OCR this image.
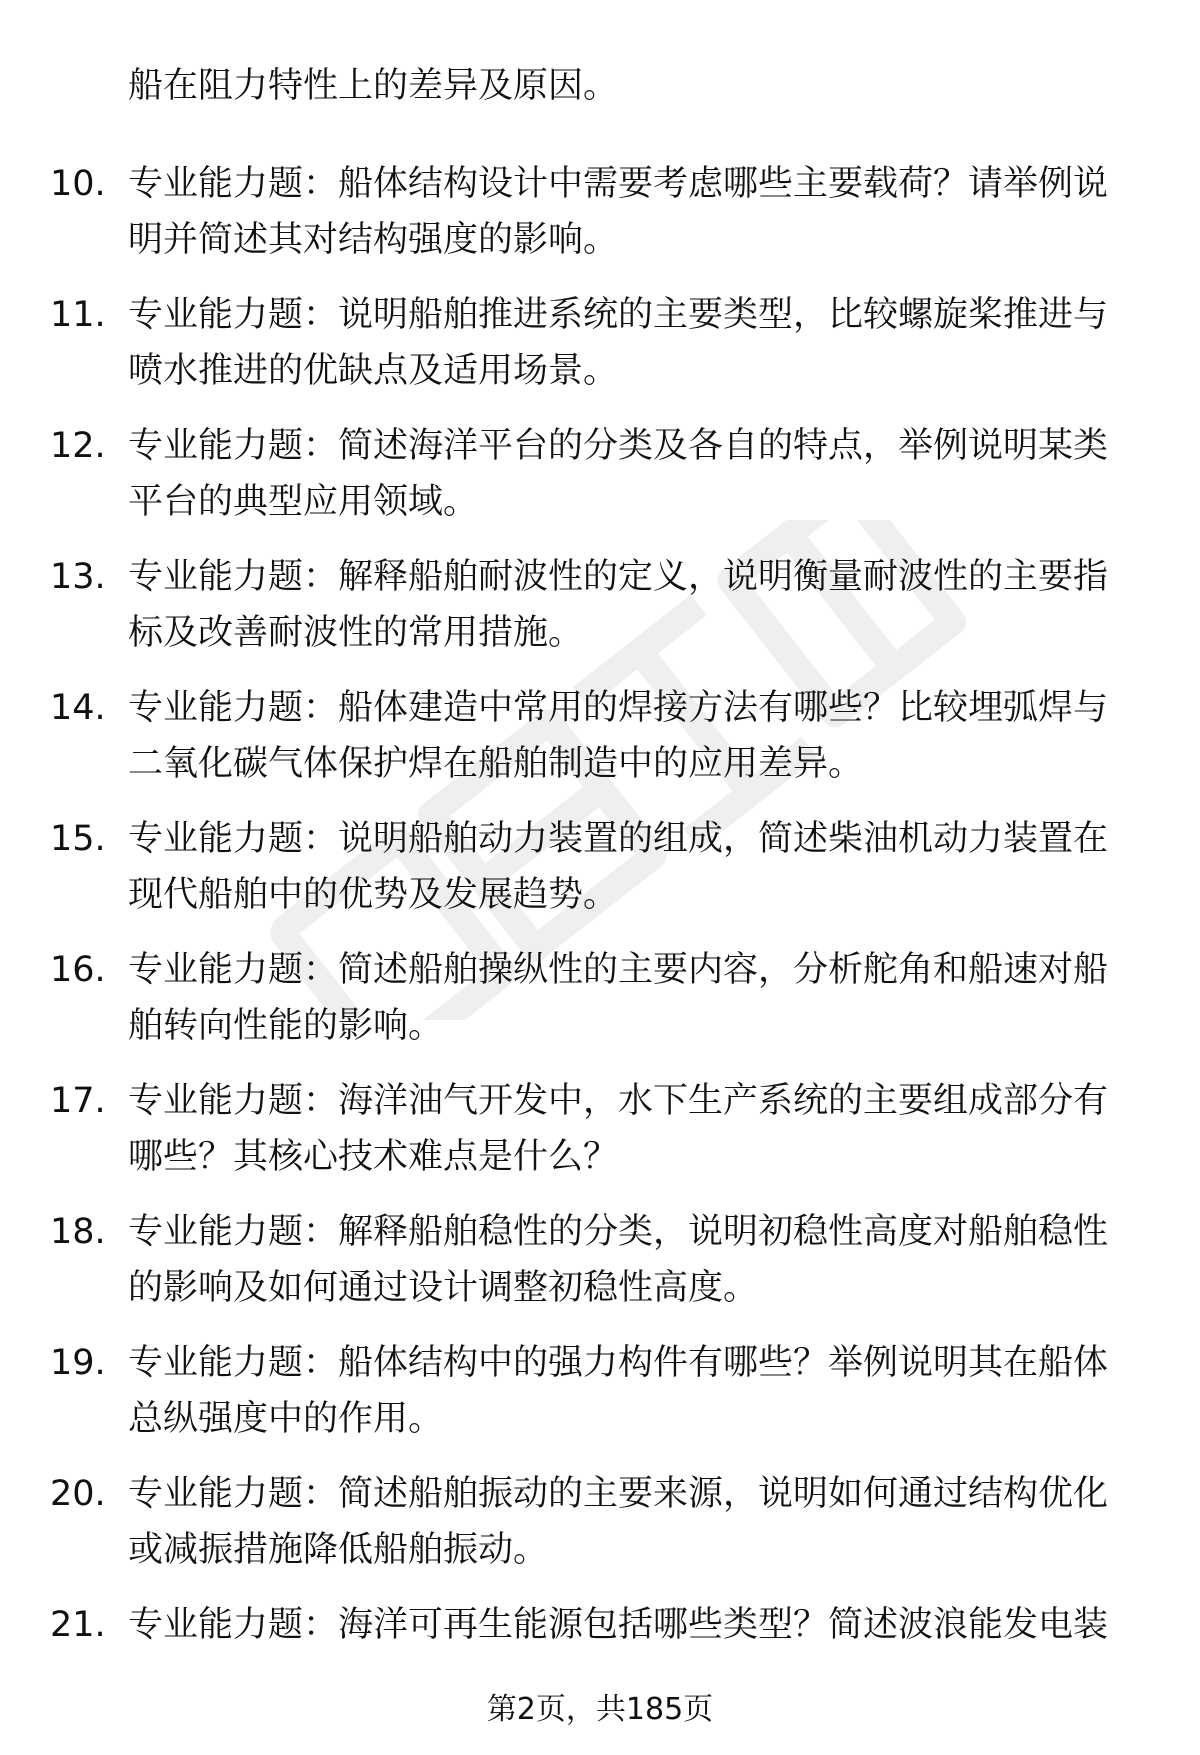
船在阻力特性上的差异及原因。
10. 专业能力题：船体结构设计中需要考虑哪些主要载荷？请举例说
明并简述其对结构强度的影响。
11. 专业能力题：说明船舶推进系统的主要类型，比较螺旋桨推进与
喷水推进的优缺点及适用场景。
12. 专业能力题：简述海洋平台的分类及各自的特点，举例说明某类
平台的典型应用领域。
13. 专业能力题：解释船舶耐波性的定义，说明衡量耐波性的主要指
标及改善耐波性的常用措施。
14. 专业能力题：船体建造中常用的焊接方法有哪些？比较埋弧焊与
二氧化碳气体保护焊在船舶制造中的应用差异。
15. 专业能力题：说明船舶动力装置的组成，简述柴油机动力装置在
现代船舶中的优势及发展趋势。
16. 专业能力题：简述船舶操纵性的主要内容，分析舵角和船速对船
舶转向性能的影响。
17. 专业能力题：海洋油气开发中，水下生产系统的主要组成部分有
哪些？其核心技术难点是什么？
18. 专业能力题：解释船舶稳性的分类，说明初稳性高度对船舶稳性
的影响及如何通过设计调整初稳性高度。
19. 专业能力题：船体结构中的强力构件有哪些？举例说明其在船体
总纵强度中的作用。
20. 专业能力题：简述船舶振动的主要来源，说明如何通过结构优化
或减振措施降低船舶振动。
21. 专业能力题：海洋可再生能源包括哪些类型？简述波浪能发电装
第2页，共185页
